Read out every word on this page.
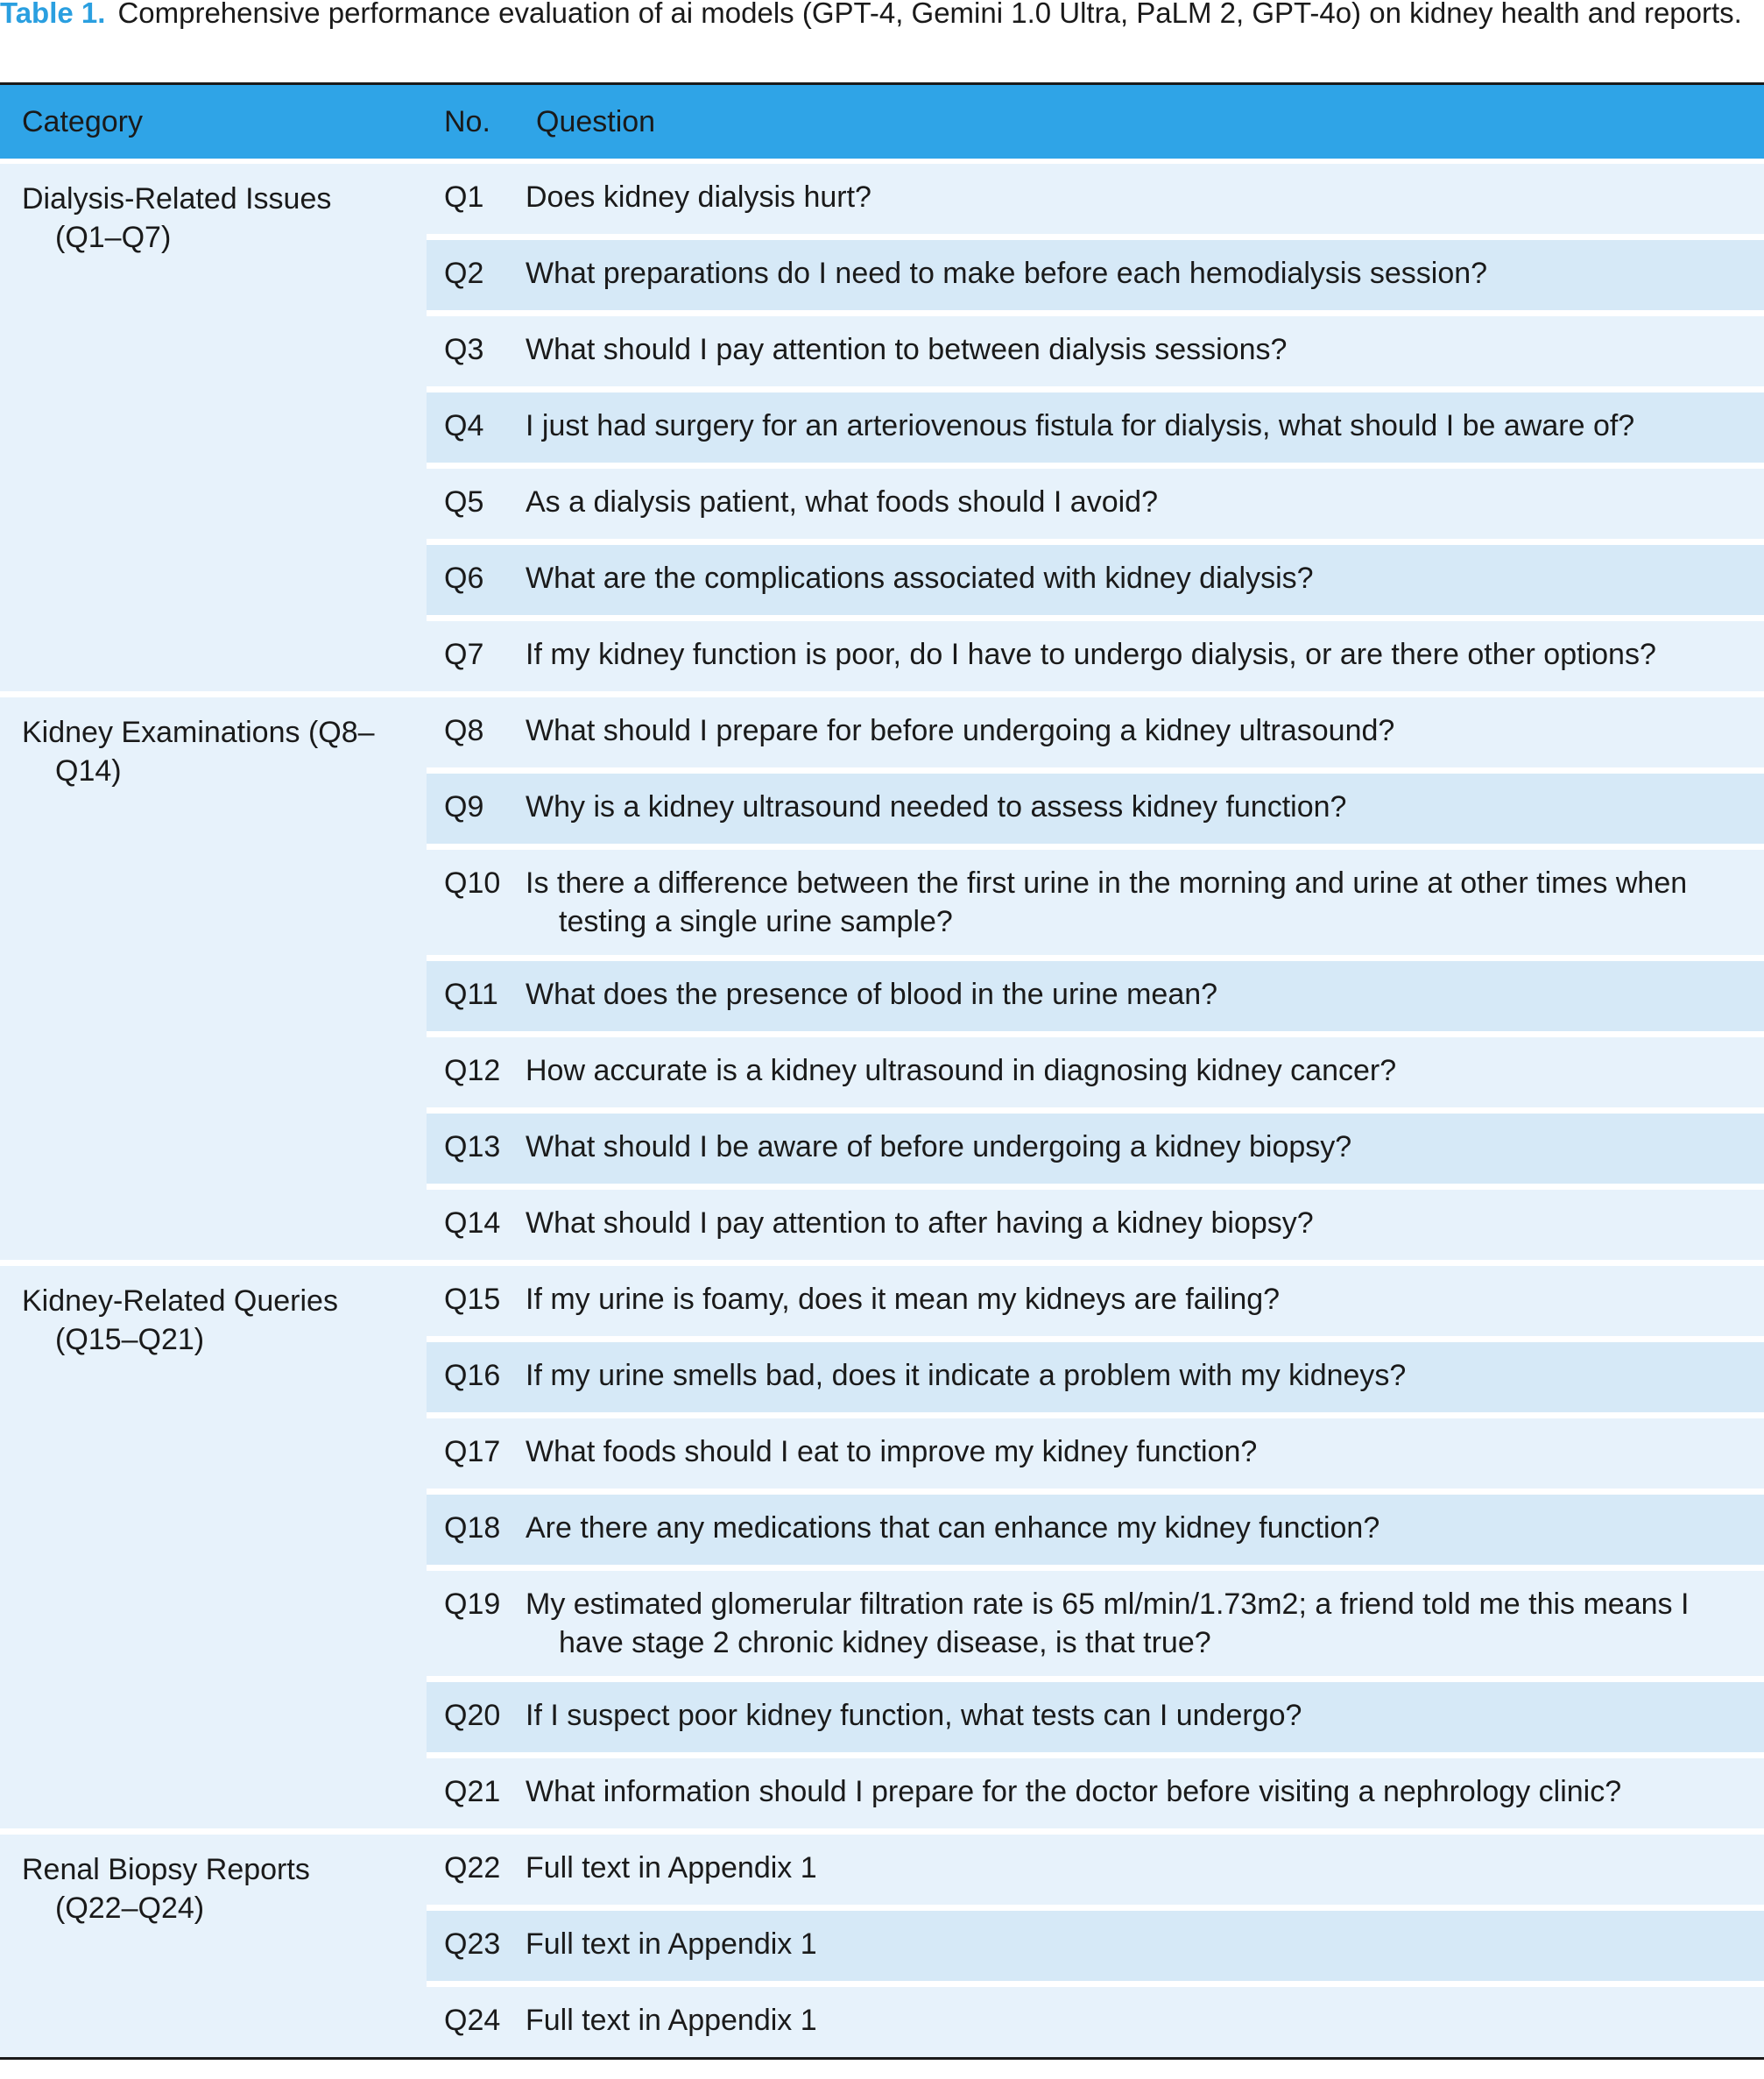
Table 1. Comprehensive performance evaluation of ai models (GPT-4, Gemini 1.0 Ultra, PaLM 2, GPT-4o) on kidney health and reports.
Category	No.	Question
Dialysis-Related Issues (Q1–Q7)
Q1	Does kidney dialysis hurt?
Q2	What preparations do I need to make before each hemodialysis session?
Q3	What should I pay attention to between dialysis sessions?
Q4	I just had surgery for an arteriovenous fistula for dialysis, what should I be aware of?
Q5	As a dialysis patient, what foods should I avoid?
Q6	What are the complications associated with kidney dialysis?
Q7	If my kidney function is poor, do I have to undergo dialysis, or are there other options?
Kidney Examinations (Q8–Q14)
Q8	What should I prepare for before undergoing a kidney ultrasound?
Q9	Why is a kidney ultrasound needed to assess kidney function?
Q10 Is there a difference between the first urine in the morning and urine at other times when testing a single urine sample?
Q11 What does the presence of blood in the urine mean?
Q12 How accurate is a kidney ultrasound in diagnosing kidney cancer?
Q13 What should I be aware of before undergoing a kidney biopsy?
Q14 What should I pay attention to after having a kidney biopsy?
Kidney-Related Queries (Q15–Q21)
Q15 If my urine is foamy, does it mean my kidneys are failing?
Q16 If my urine smells bad, does it indicate a problem with my kidneys?
Q17 What foods should I eat to improve my kidney function?
Q18 Are there any medications that can enhance my kidney function?
Q19 My estimated glomerular filtration rate is 65 ml/min/1.73m2; a friend told me this means I have stage 2 chronic kidney disease, is that true?
Q20 If I suspect poor kidney function, what tests can I undergo?
Q21 What information should I prepare for the doctor before visiting a nephrology clinic?
Renal Biopsy Reports (Q22–Q24)
Q22 Full text in Appendix 1
Q23 Full text in Appendix 1
Q24 Full text in Appendix 1
